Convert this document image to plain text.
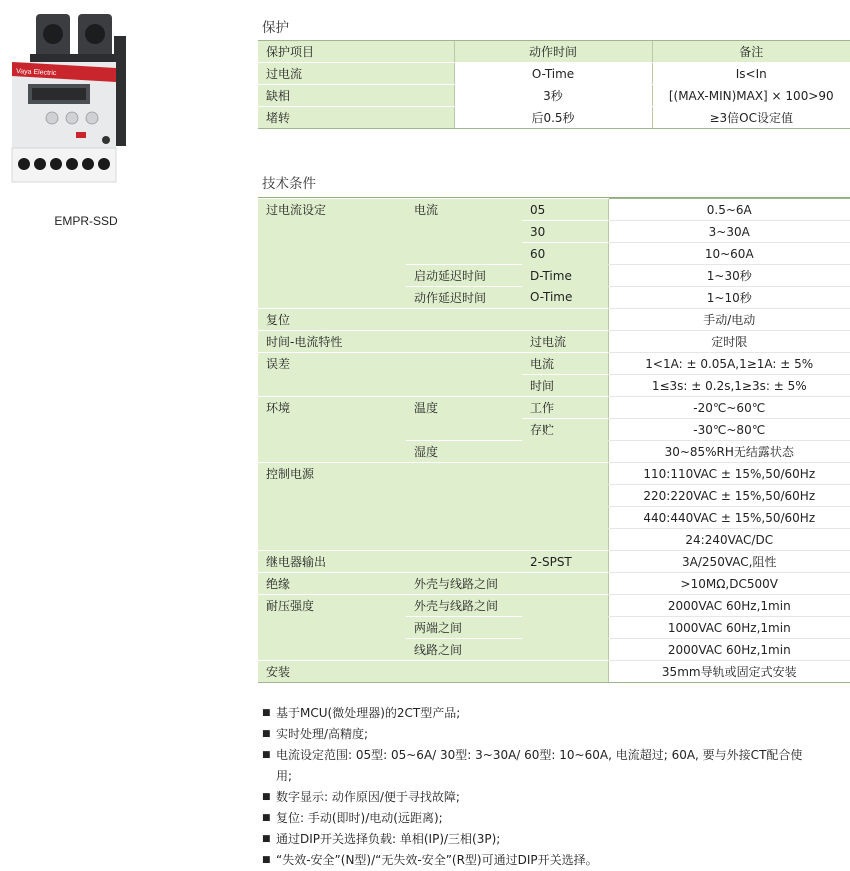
Vaya Electric
EMPR-SSD
保护
保护项目	动作时间	备注
过电流	O-Time	Is<In
缺相	3秒	[(MAX-MIN)MAX] × 100>90
堵转	后0.5秒	≥3倍OC设定值
技术条件
过电流设定	电流	05	0.5~6A
		30	3~30A
		60	10~60A
	启动延迟时间	D-Time	1~30秒
	动作延迟时间	O-Time	1~10秒
复位			手动/电动
时间-电流特性		过电流	定时限
误差		电流	1<1A: ± 0.05A,1≥1A: ± 5%
		时间	1≤3s: ± 0.2s,1≥3s: ± 5%
环境	温度	工作	-20℃~60℃
		存贮	-30℃~80℃
	湿度		30~85%RH无结露状态
控制电源			110:110VAC ± 15%,50/60Hz
			220:220VAC ± 15%,50/60Hz
			440:440VAC ± 15%,50/60Hz
			24:240VAC/DC
继电器输出		2-SPST	3A/250VAC,阻性
绝缘	外壳与线路之间		>10MΩ,DC500V
耐压强度	外壳与线路之间		2000VAC 60Hz,1min
	两端之间		1000VAC 60Hz,1min
	线路之间		2000VAC 60Hz,1min
安装			35mm导轨或固定式安装
■ 基于MCU(微处理器)的2CT型产品;
■ 实时处理/高精度;
■ 电流设定范围: 05型: 05~6A/ 30型: 3~30A/ 60型: 10~60A, 电流超过; 60A, 要与外接CT配合使
用;
■ 数字显示: 动作原因/便于寻找故障;
■ 复位: 手动(即时)/电动(远距离);
■ 通过DIP开关选择负载: 单相(IP)/三相(3P);
■ “失效-安全”(N型)/“无失效-安全”(R型)可通过DIP开关选择。
